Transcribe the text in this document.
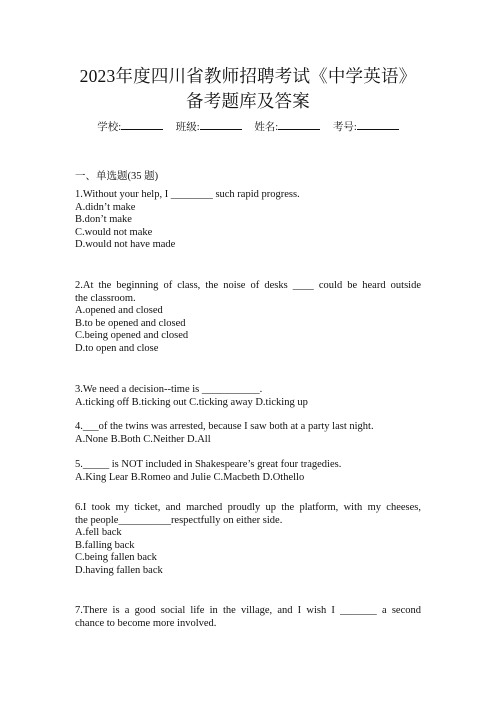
2023年度四川省教师招聘考试《中学英语》
备考题库及答案
学校:	班级:	姓名:	考号:
一、单选题(35 题)
1.Without your help, I ________ such rapid progress.
A.didn’t make
B.don’t make
C.would not make
D.would not have made
2.At the beginning of class, the noise of desks ____ could be heard outside
the classroom.
A.opened and closed
B.to be opened and closed
C.being opened and closed
D.to open and close
3.We need a decision--time is ___________.
A.ticking off B.ticking out C.ticking away D.ticking up
4.___of the twins was arrested, because I saw both at a party last night.
A.None B.Both C.Neither D.All
5._____ is NOT included in Shakespeare’s great four tragedies.
A.King Lear B.Romeo and Julie C.Macbeth D.Othello
6.I took my ticket, and marched proudly up the platform, with my cheeses,
the people__________respectfully on either side.
A.fell back
B.falling back
C.being fallen back
D.having fallen back
7.There is a good social life in the village, and I wish I _______ a second
chance to become more involved.
